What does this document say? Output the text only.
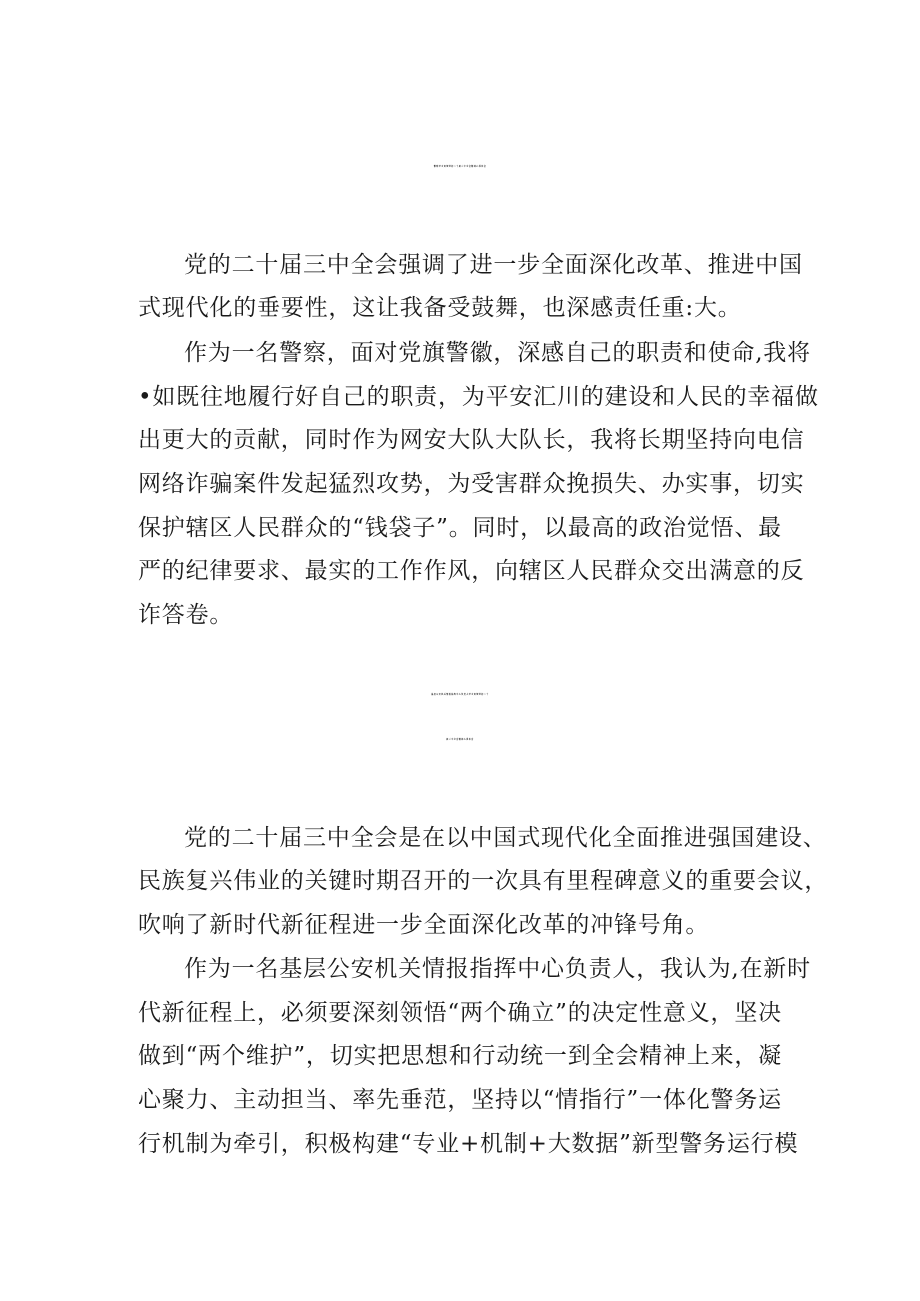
警察学习贯彻党的二十届三中全会精神心得体会
党的二十届三中全会强调了进一步全面深化改革、推进中国
式现代化的垂要性，这让我备受鼓舞，也深感责任重:大。
作为一名警察，面对党旗警徽，深感自己的职责和使命,我将
•如既往地履行好自己的职责，为平安汇川的建设和人民的幸福做
出更大的贡献，同时作为网安大队大队长，我将长期坚持向电信
网络诈骗案件发起猛烈攻势，为受害群众挽损失、办实事，切实
保护辖区人民群众的“钱袋子”。同时，以最高的政治觉悟、最
严的纪律要求、最实的工作作风，向辖区人民群众交出满意的反
诈答卷。
基层公安机关情报指挥中心负责人学习贯彻党的二十
届三中全会精神心得体会
党的二十届三中全会是在以中国式现代化全面推进强国建设、
民族复兴伟业的关键时期召开的一次具有里程碑意义的重要会议，
吹响了新时代新征程进一步全面深化改革的冲锋号角。
作为一名基层公安机关情报指挥中心负责人，我认为,在新时
代新征程上，必须要深刻领悟“两个确立”的决定性意义，坚决
做到“两个维护”，切实把思想和行动统一到全会精神上来，凝
心聚力、主动担当、率先垂范，坚持以“情指行”一体化警务运
行机制为牵引，积极构建“专业+机制+大数据”新型警务运行模
